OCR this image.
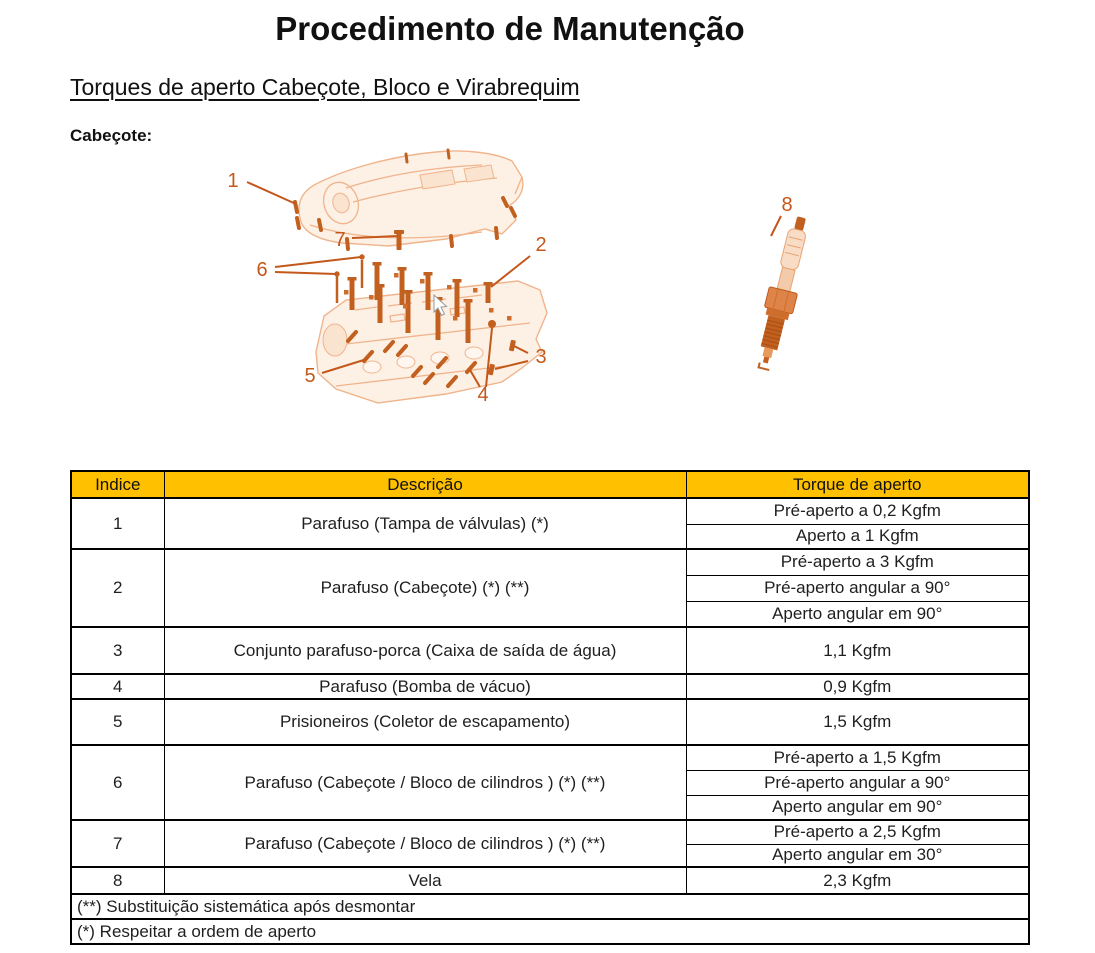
Procedimento de Manutenção
Torques de aperto Cabeçote, Bloco e Virabrequim
Cabeçote:
1
2
3
4
5
6
7
8
Indice	Descrição	Torque de aperto
1	Parafuso (Tampa de válvulas) (*)	Pré-aperto a 0,2 Kgfm
		Aperto a 1 Kgfm
2	Parafuso (Cabeçote) (*) (**)	Pré-aperto a 3 Kgfm
		Pré-aperto angular a 90°
		Aperto angular em 90°
3	Conjunto parafuso-porca (Caixa de saída de água)	1,1 Kgfm
4	Parafuso (Bomba de vácuo)	0,9 Kgfm
5	Prisioneiros (Coletor de escapamento)	1,5 Kgfm
6	Parafuso (Cabeçote / Bloco de cilindros ) (*) (**)	Pré-aperto a 1,5 Kgfm
		Pré-aperto angular a 90°
		Aperto angular em 90°
7	Parafuso (Cabeçote / Bloco de cilindros ) (*) (**)	Pré-aperto a 2,5 Kgfm
		Aperto angular em 30°
8	Vela	2,3 Kgfm
(**) Substituição sistemática após desmontar		
(*) Respeitar a ordem de aperto		
